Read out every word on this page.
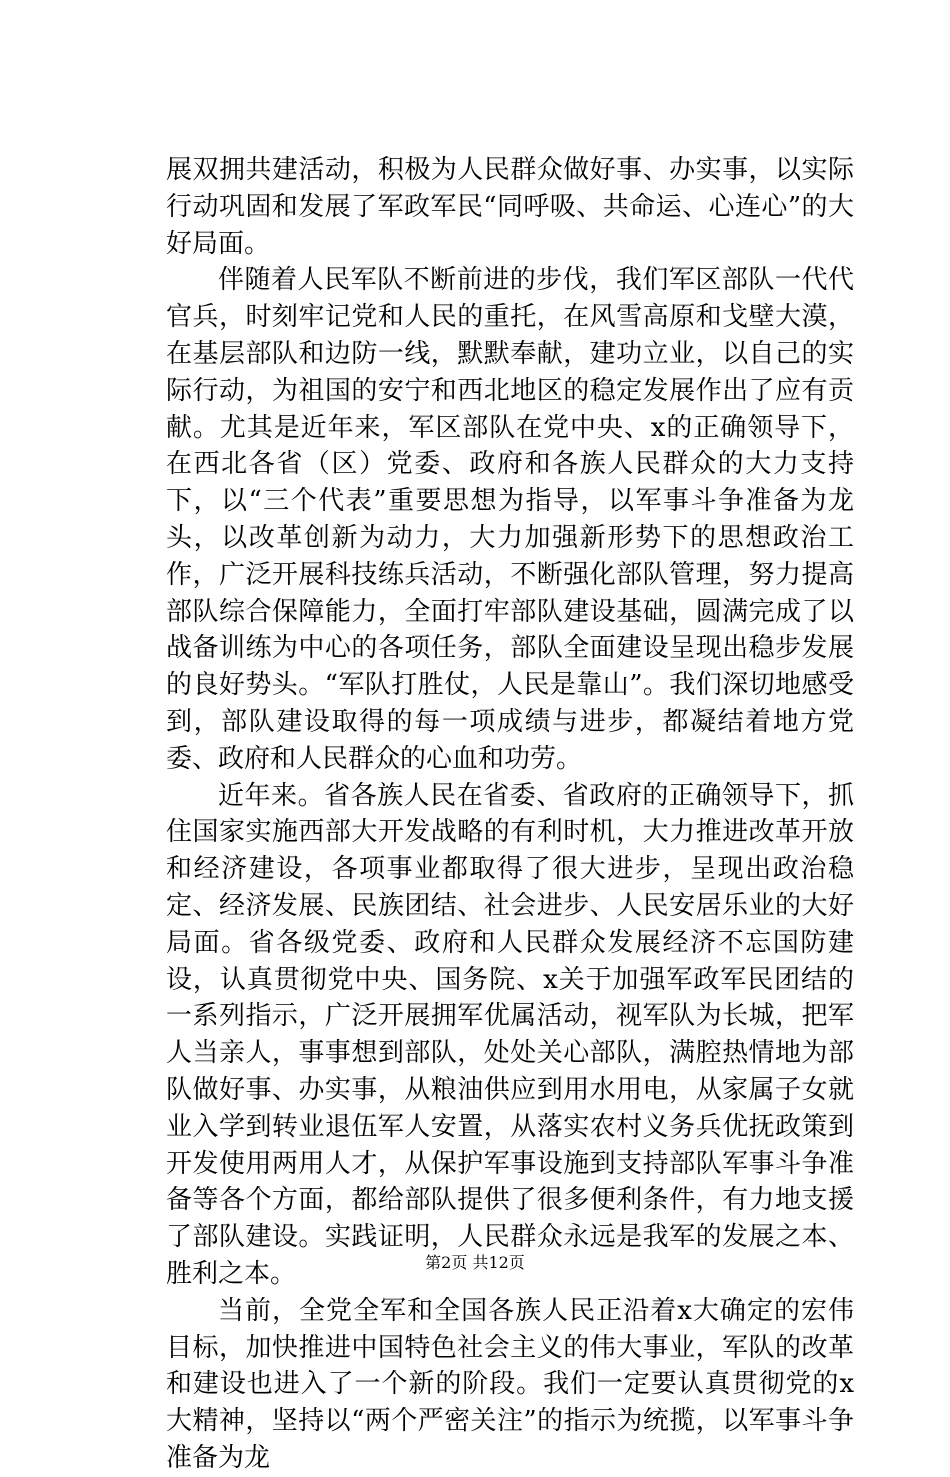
展双拥共建活动，积极为人民群众做好事、办实事，以实际行动巩固和发展了军政军民“同呼吸、共命运、心连心”的大好局面。

伴随着人民军队不断前进的步伐，我们军区部队一代代官兵，时刻牢记党和人民的重托，在风雪高原和戈壁大漠，在基层部队和边防一线，默默奉献，建功立业，以自己的实际行动，为祖国的安宁和西北地区的稳定发展作出了应有贡献。尤其是近年来，军区部队在党中央、x的正确领导下，在西北各省（区）党委、政府和各族人民群众的大力支持下，以“三个代表”重要思想为指导，以军事斗争准备为龙头，以改革创新为动力，大力加强新形势下的思想政治工作，广泛开展科技练兵活动，不断强化部队管理，努力提高部队综合保障能力，全面打牢部队建设基础，圆满完成了以战备训练为中心的各项任务，部队全面建设呈现出稳步发展的良好势头。“军队打胜仗，人民是靠山”。我们深切地感受到，部队建设取得的每一项成绩与进步，都凝结着地方党委、政府和人民群众的心血和功劳。

近年来。省各族人民在省委、省政府的正确领导下，抓住国家实施西部大开发战略的有利时机，大力推进改革开放和经济建设，各项事业都取得了很大进步，呈现出政治稳定、经济发展、民族团结、社会进步、人民安居乐业的大好局面。省各级党委、政府和人民群众发展经济不忘国防建设，认真贯彻党中央、国务院、x关于加强军政军民团结的一系列指示，广泛开展拥军优属活动，视军队为长城，把军人当亲人，事事想到部队，处处关心部队，满腔热情地为部队做好事、办实事，从粮油供应到用水用电，从家属子女就业入学到转业退伍军人安置，从落实农村义务兵优抚政策到开发使用两用人才，从保护军事设施到支持部队军事斗争准备等各个方面，都给部队提供了很多便利条件，有力地支援了部队建设。实践证明，人民群众永远是我军的发展之本、胜利之本。

当前，全党全军和全国各族人民正沿着x大确定的宏伟目标，加快推进中国特色社会主义的伟大事业，军队的改革和建设也进入了一个新的阶段。我们一定要认真贯彻党的x大精神，坚持以“两个严密关注”的指示为统揽，以军事斗争准备为龙

第2页 共12页
